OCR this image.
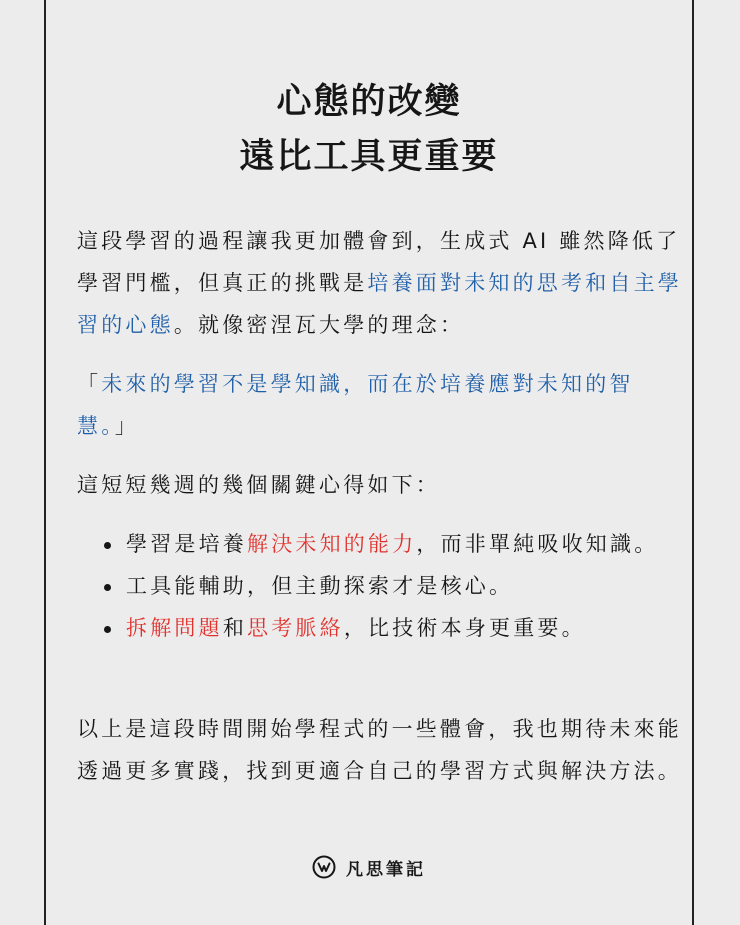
心態的改變
遠比工具更重要

這段學習的過程讓我更加體會到，生成式 AI 雖然降低了學習門檻，但真正的挑戰是培養面對未知的思考和自主學習的心態。就像密涅瓦大學的理念：

「未來的學習不是學知識，而在於培養應對未知的智慧。」

這短短幾週的幾個關鍵心得如下：

學習是培養解決未知的能力，而非單純吸收知識。
工具能輔助，但主動探索才是核心。
拆解問題和思考脈絡，比技術本身更重要。

以上是這段時間開始學程式的一些體會，我也期待未來能透過更多實踐，找到更適合自己的學習方式與解決方法。

凡思筆記
